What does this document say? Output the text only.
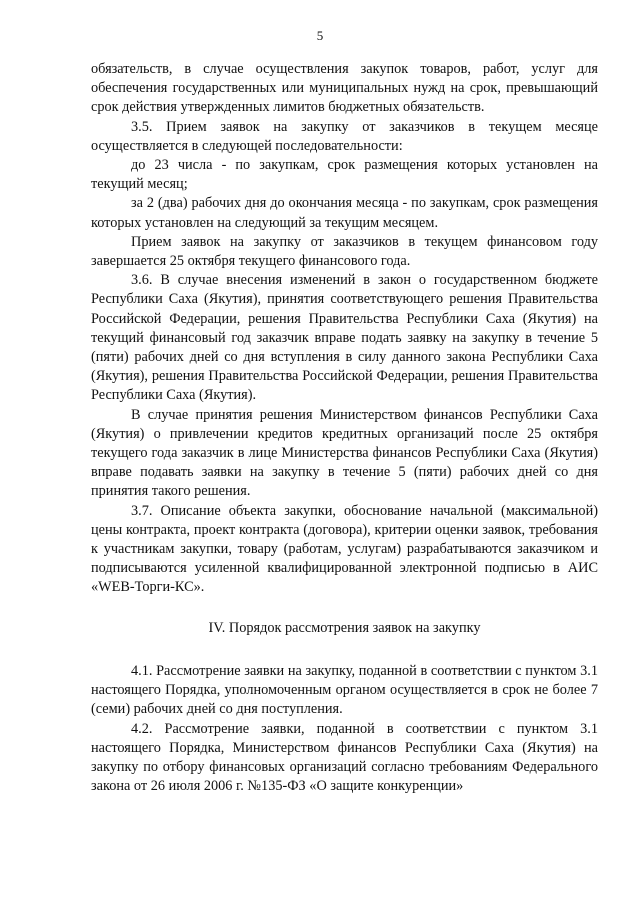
5

обязательств, в случае осуществления закупок товаров, работ, услуг для обеспечения государственных или муниципальных нужд на срок, превышающий срок действия утвержденных лимитов бюджетных обязательств.

3.5. Прием заявок на закупку от заказчиков в текущем месяце осуществляется в следующей последовательности:

до 23 числа - по закупкам, срок размещения которых установлен на текущий месяц;

за 2 (два) рабочих дня до окончания месяца - по закупкам, срок размещения которых установлен на следующий за текущим месяцем.

Прием заявок на закупку от заказчиков в текущем финансовом году завершается 25 октября текущего финансового года.

3.6. В случае внесения изменений в закон о государственном бюджете Республики Саха (Якутия), принятия соответствующего решения Правительства Российской Федерации, решения Правительства Республики Саха (Якутия) на текущий финансовый год заказчик вправе подать заявку на закупку в течение 5 (пяти) рабочих дней со дня вступления в силу данного закона Республики Саха (Якутия), решения Правительства Российской Федерации, решения Правительства Республики Саха (Якутия).

В случае принятия решения Министерством финансов Республики Саха (Якутия) о привлечении кредитов кредитных организаций после 25 октября текущего года заказчик в лице Министерства финансов Республики Саха (Якутия) вправе подавать заявки на закупку в течение 5 (пяти) рабочих дней со дня принятия такого решения.

3.7. Описание объекта закупки, обоснование начальной (максимальной) цены контракта, проект контракта (договора), критерии оценки заявок, требования к участникам закупки, товару (работам, услугам) разрабатываются заказчиком и подписываются усиленной квалифицированной электронной подписью в АИС «WEB-Торги-КС».

IV. Порядок рассмотрения заявок на закупку

4.1. Рассмотрение заявки на закупку, поданной в соответствии с пунктом 3.1 настоящего Порядка, уполномоченным органом осуществляется в срок не более 7 (семи) рабочих дней со дня поступления.

4.2. Рассмотрение заявки, поданной в соответствии с пунктом 3.1 настоящего Порядка, Министерством финансов Республики Саха (Якутия) на закупку по отбору финансовых организаций согласно требованиям Федерального закона от 26 июля 2006 г. №135-ФЗ «О защите конкуренции»
